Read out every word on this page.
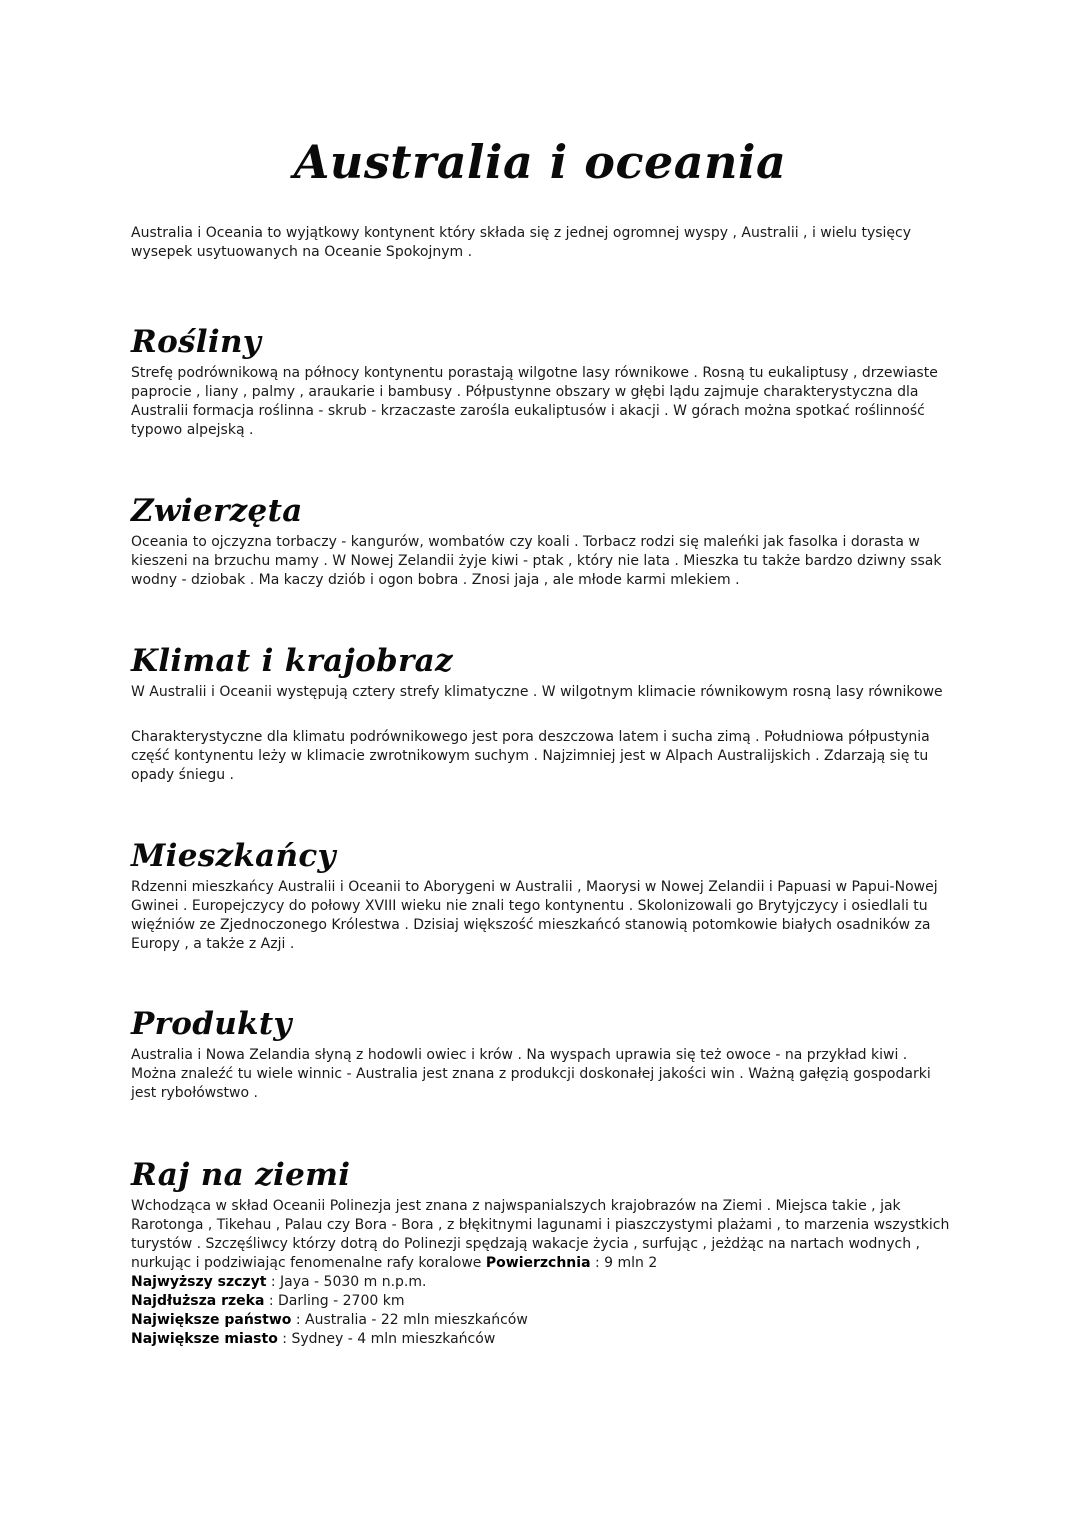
Australia i oceania

Australia i Oceania to wyjątkowy kontynent który składa się z jednej ogromnej wyspy , Australii , i wielu tysięcy wysepek usytuowanych na Oceanie Spokojnym .

Rośliny

Strefę podrównikową na północy kontynentu porastają wilgotne lasy równikowe . Rosną tu eukaliptusy , drzewiaste paprocie , liany , palmy , araukarie i bambusy . Półpustynne obszary w głębi lądu zajmuje charakterystyczna dla Australii formacja roślinna - skrub - krzaczaste zarośla eukaliptusów i akacji . W górach można spotkać roślinność typowo alpejską .

Zwierzęta

Oceania to ojczyzna torbaczy - kangurów, wombatów czy koali . Torbacz rodzi się maleńki jak fasolka i dorasta w kieszeni na brzuchu mamy . W Nowej Zelandii żyje kiwi - ptak , który nie lata . Mieszka tu także bardzo dziwny ssak wodny - dziobak . Ma kaczy dziób i ogon bobra . Znosi jaja , ale młode karmi mlekiem .

Klimat i krajobraz

W Australii i Oceanii występują cztery strefy klimatyczne . W wilgotnym klimacie równikowym rosną lasy równikowe

Charakterystyczne dla klimatu podrównikowego jest pora deszczowa latem i sucha zimą . Południowa półpustynia część kontynentu leży w klimacie zwrotnikowym suchym . Najzimniej jest w Alpach Australijskich . Zdarzają się tu opady śniegu .

Mieszkańcy

Rdzenni mieszkańcy Australii i Oceanii to Aborygeni w Australii , Maorysi w Nowej Zelandii i Papuasi w Papui-Nowej Gwinei . Europejczycy do połowy XVIII wieku nie znali tego kontynentu . Skolonizowali go Brytyjczycy i osiedlali tu więźniów ze Zjednoczonego Królestwa . Dzisiaj większość mieszkańcó stanowią potomkowie białych osadników za Europy , a także z Azji .

Produkty

Australia i Nowa Zelandia słyną z hodowli owiec i krów . Na wyspach uprawia się też owoce - na przykład kiwi . Można znaleźć tu wiele winnic - Australia jest znana z produkcji doskonałej jakości win . Ważną gałęzią gospodarki jest rybołówstwo .

Raj na ziemi

Wchodząca w skład Oceanii Polinezja jest znana z najwspanialszych krajobrazów na Ziemi . Miejsca takie , jak Rarotonga , Tikehau , Palau czy Bora - Bora , z błękitnymi lagunami i piaszczystymi plażami , to marzenia wszystkich turystów . Szczęśliwcy którzy dotrą do Polinezji spędzają wakacje życia , surfując , jeżdżąc na nartach wodnych , nurkując i podziwiając fenomenalne rafy koralowe Powierzchnia : 9 mln 2

Najwyższy szczyt : Jaya - 5030 m n.p.m.
Najdłuższa rzeka : Darling - 2700 km
Największe państwo : Australia - 22 mln mieszkańców
Największe miasto : Sydney - 4 mln mieszkańców
